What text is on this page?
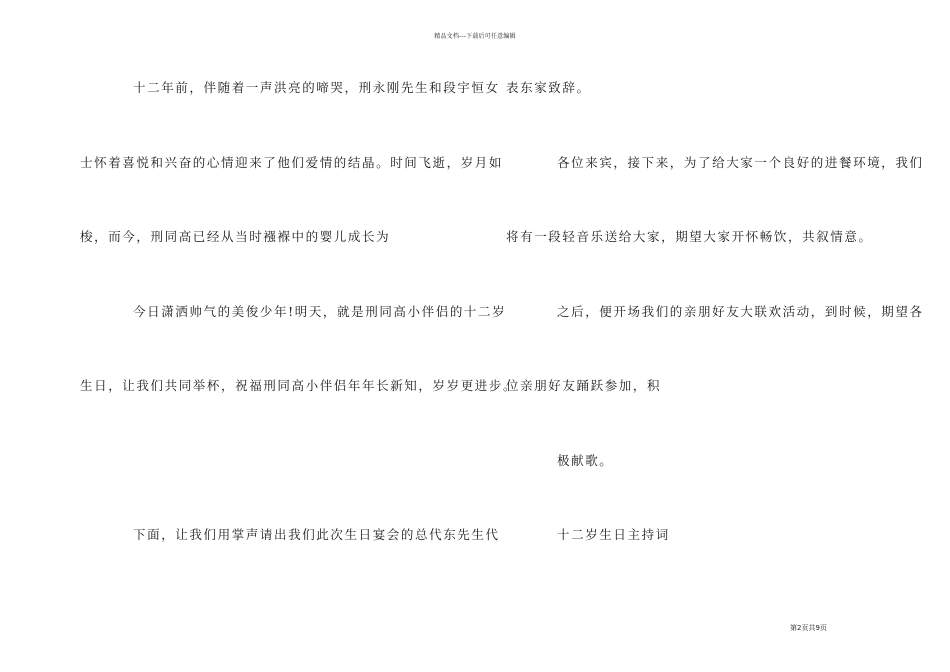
精品文档---下载后可任意编辑
十二年前，伴随着一声洪亮的啼哭，刑永刚先生和段宇恒女
士怀着喜悦和兴奋的心情迎来了他们爱情的结晶。时间飞逝，岁月如
梭，而今，刑同高已经从当时襁褓中的婴儿成长为
今日潇洒帅气的美俊少年!明天，就是刑同高小伴侣的十二岁
生日，让我们共同举杯，祝福刑同高小伴侣年年长新知，岁岁更进步。
下面，让我们用掌声请出我们此次生日宴会的总代东先生代
表东家致辞。
各位来宾，接下来，为了给大家一个良好的进餐环境，我们
将有一段轻音乐送给大家，期望大家开怀畅饮，共叙情意。
之后，便开场我们的亲朋好友大联欢活动，到时候，期望各
位亲朋好友踊跃参加，积
极献歌。
十二岁生日主持词
第2页共9页
